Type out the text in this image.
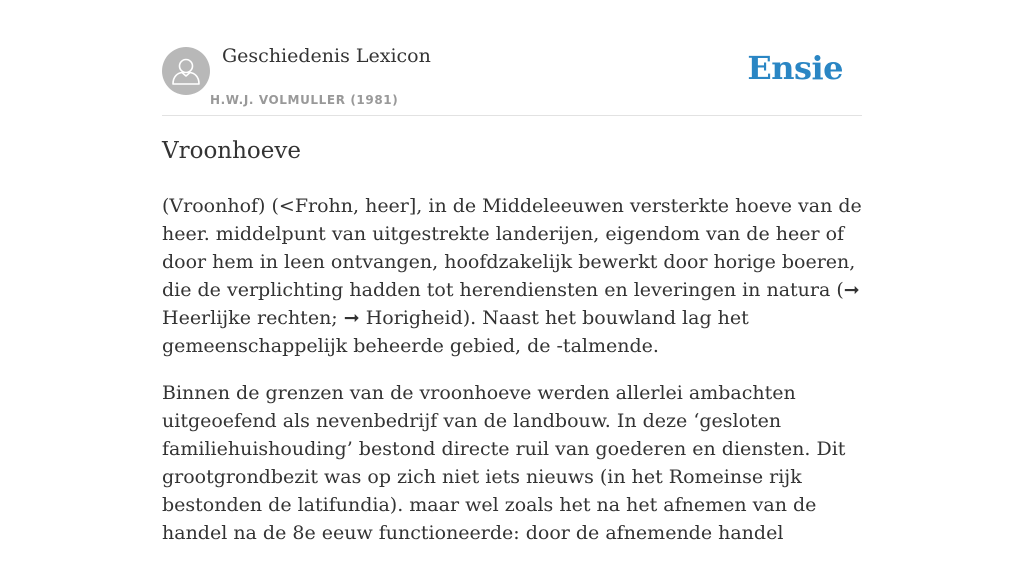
Geschiedenis Lexicon
H.W.J. VOLMULLER (1981)
Ensie
Vroonhoeve

(Vroonhof) (<Frohn, heer], in de Middeleeuwen versterkte hoeve van de heer. middelpunt van uitgestrekte landerijen, eigendom van de heer of door hem in leen ontvangen, hoofdzakelijk bewerkt door horige boeren, die de verplichting hadden tot herendiensten en leveringen in natura (➞ Heerlijke rechten; ➞ Horigheid). Naast het bouwland lag het gemeenschappelijk beheerde gebied, de -talmende.

Binnen de grenzen van de vroonhoeve werden allerlei ambachten uitgeoefend als nevenbedrijf van de landbouw. In deze ‘gesloten familiehuishouding’ bestond directe ruil van goederen en diensten. Dit grootgrondbezit was op zich niet iets nieuws (in het Romeinse rijk bestonden de latifundia). maar wel zoals het na het afnemen van de handel na de 8e eeuw functioneerde: door de afnemende handel
